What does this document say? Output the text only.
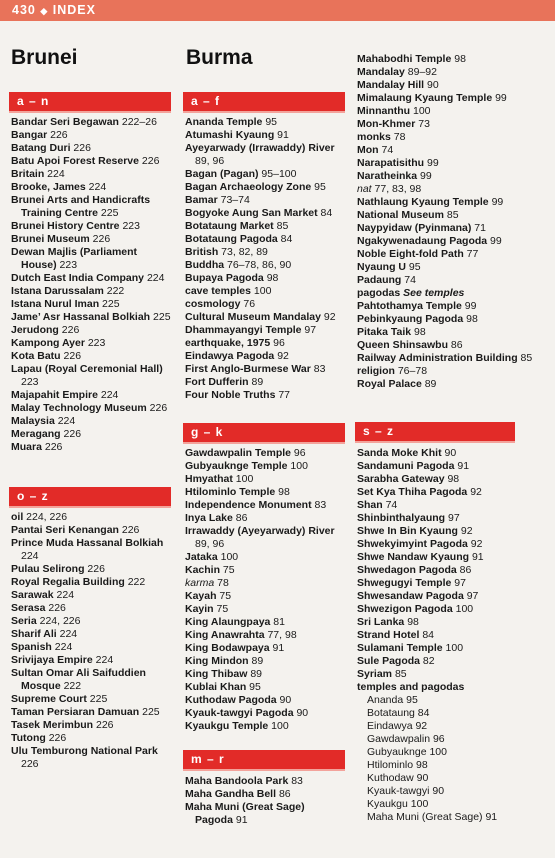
430 ◆ INDEX
Brunei
a – n
Bandar Seri Begawan 222–26
Bangar 226
Batang Duri 226
Batu Apoi Forest Reserve 226
Britain 224
Brooke, James 224
Brunei Arts and Handicrafts Training Centre 225
Brunei History Centre 223
Brunei Museum 226
Dewan Majlis (Parliament House) 223
Dutch East India Company 224
Istana Darussalam 222
Istana Nurul Iman 225
Jame’ Asr Hassanal Bolkiah 225
Jerudong 226
Kampong Ayer 223
Kota Batu 226
Lapau (Royal Ceremonial Hall) 223
Majapahit Empire 224
Malay Technology Museum 226
Malaysia 224
Meragang 226
Muara 226
o – z
oil 224, 226
Pantai Seri Kenangan 226
Prince Muda Hassanal Bolkiah 224
Pulau Selirong 226
Royal Regalia Building 222
Sarawak 224
Serasa 226
Seria 224, 226
Sharif Ali 224
Spanish 224
Srivijaya Empire 224
Sultan Omar Ali Saifuddien Mosque 222
Supreme Court 225
Taman Persiaran Damuan 225
Tasek Merimbun 226
Tutong 226
Ulu Temburong National Park 226
Burma
a – f
Ananda Temple 95
Atumashi Kyaung 91
Ayeyarwady (Irrawaddy) River 89, 96
Bagan (Pagan) 95–100
Bagan Archaeology Zone 95
Bamar 73–74
Bogyoke Aung San Market 84
Botataung Market 85
Botataung Pagoda 84
British 73, 82, 89
Buddha 76–78, 86, 90
Bupaya Pagoda 98
cave temples 100
cosmology 76
Cultural Museum Mandalay 92
Dhammayangyi Temple 97
earthquake, 1975 96
Eindawya Pagoda 92
First Anglo-Burmese War 83
Fort Dufferin 89
Four Noble Truths 77
g – k
Gawdawpalin Temple 96
Gubyauknge Temple 100
Hmyathat 100
Htilominlo Temple 98
Independence Monument 83
Inya Lake 86
Irrawaddy (Ayeyarwady) River 89, 96
Jataka 100
Kachin 75
karma 78
Kayah 75
Kayin 75
King Alaungpaya 81
King Anawrahta 77, 98
King Bodawpaya 91
King Mindon 89
King Thibaw 89
Kublai Khan 95
Kuthodaw Pagoda 90
Kyauk-tawgyi Pagoda 90
Kyaukgu Temple 100
m – r
Maha Bandoola Park 83
Maha Gandha Bell 86
Maha Muni (Great Sage) Pagoda 91
Mahabodhi Temple 98
Mandalay 89–92
Mandalay Hill 90
Mimalaung Kyaung Temple 99
Minnanthu 100
Mon-Khmer 73
monks 78
Mon 74
Narapatisithu 99
Naratheinka 99
nat 77, 83, 98
Nathlaung Kyaung Temple 99
National Museum 85
Naypyidaw (Pyinmana) 71
Ngakywenadaung Pagoda 99
Noble Eight-fold Path 77
Nyaung U 95
Padaung 74
pagodas See temples
Pahtothamya Temple 99
Pebinkyaung Pagoda 98
Pitaka Taik 98
Queen Shinsawbu 86
Railway Administration Building 85
religion 76–78
Royal Palace 89
s – z
Sanda Moke Khit 90
Sandamuni Pagoda 91
Sarabha Gateway 98
Set Kya Thiha Pagoda 92
Shan 74
Shinbinthalyaung 97
Shwe In Bin Kyaung 92
Shwekyimyint Pagoda 92
Shwe Nandaw Kyaung 91
Shwedagon Pagoda 86
Shwegugyi Temple 97
Shwesandaw Pagoda 97
Shwezigon Pagoda 100
Sri Lanka 98
Strand Hotel 84
Sulamani Temple 100
Sule Pagoda 82
Syriam 85
temples and pagodas
Ananda 95
Botataung 84
Eindawya 92
Gawdawpalin 96
Gubyauknge 100
Htilominlo 98
Kuthodaw 90
Kyauk-tawgyi 90
Kyaukgu 100
Maha Muni (Great Sage) 91
